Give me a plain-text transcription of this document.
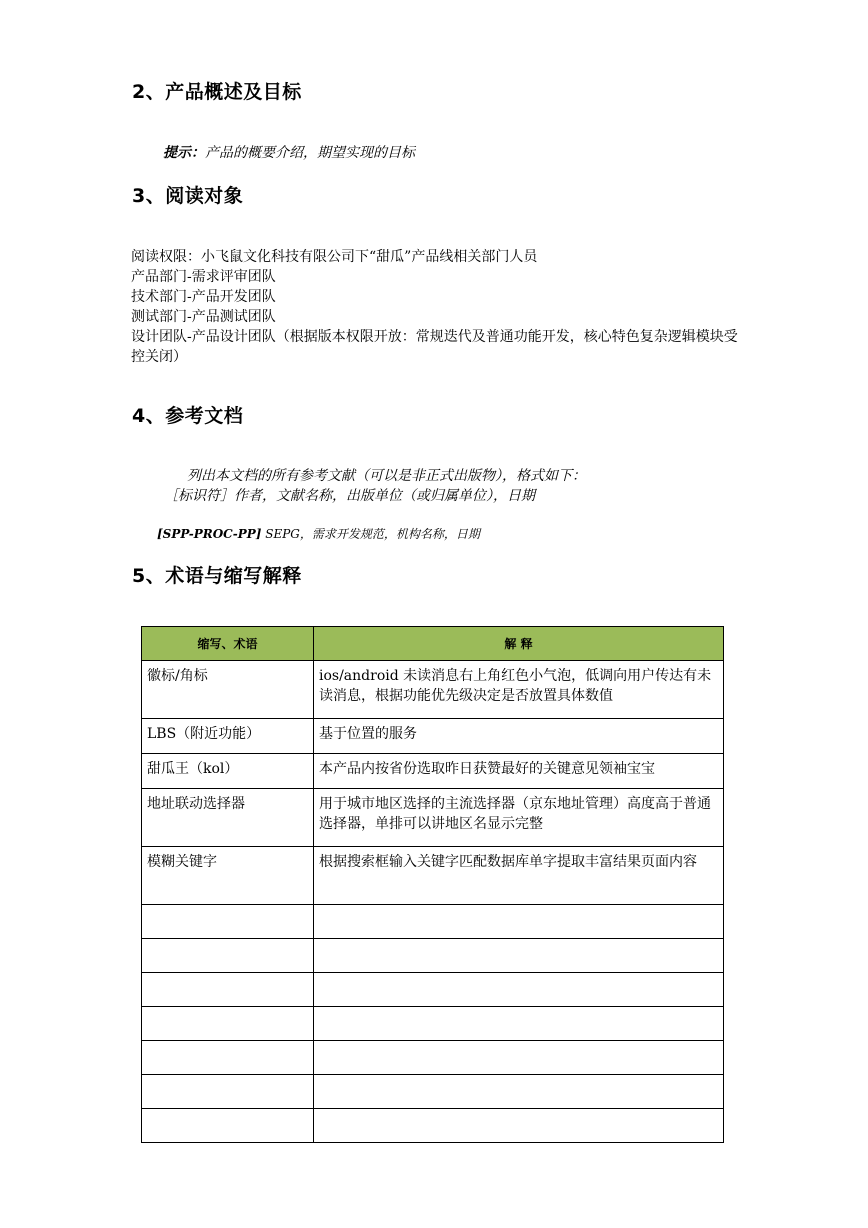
2、产品概述及目标
提示：产品的概要介绍，期望实现的目标
3、阅读对象
阅读权限：小飞鼠文化科技有限公司下“甜瓜”产品线相关部门人员
产品部门-需求评审团队
技术部门-产品开发团队
测试部门-产品测试团队
设计团队-产品设计团队（根据版本权限开放：常规迭代及普通功能开发，核心特色复杂逻辑模块受控关闭）
4、参考文档
列出本文档的所有参考文献（可以是非正式出版物），格式如下：
［标识符］作者，文献名称，出版单位（或归属单位），日期
[SPP-PROC-PP] SEPG，需求开发规范，机构名称，日期
5、术语与缩写解释
缩写、术语	解 释
徽标/角标	ios/android 未读消息右上角红色小气泡，低调向用户传达有未读消息，根据功能优先级决定是否放置具体数值
LBS（附近功能）	基于位置的服务
甜瓜王（kol）	本产品内按省份选取昨日获赞最好的关键意见领袖宝宝
地址联动选择器	用于城市地区选择的主流选择器（京东地址管理）高度高于普通选择器，单排可以讲地区名显示完整
模糊关键字	根据搜索框输入关键字匹配数据库单字提取丰富结果页面内容
